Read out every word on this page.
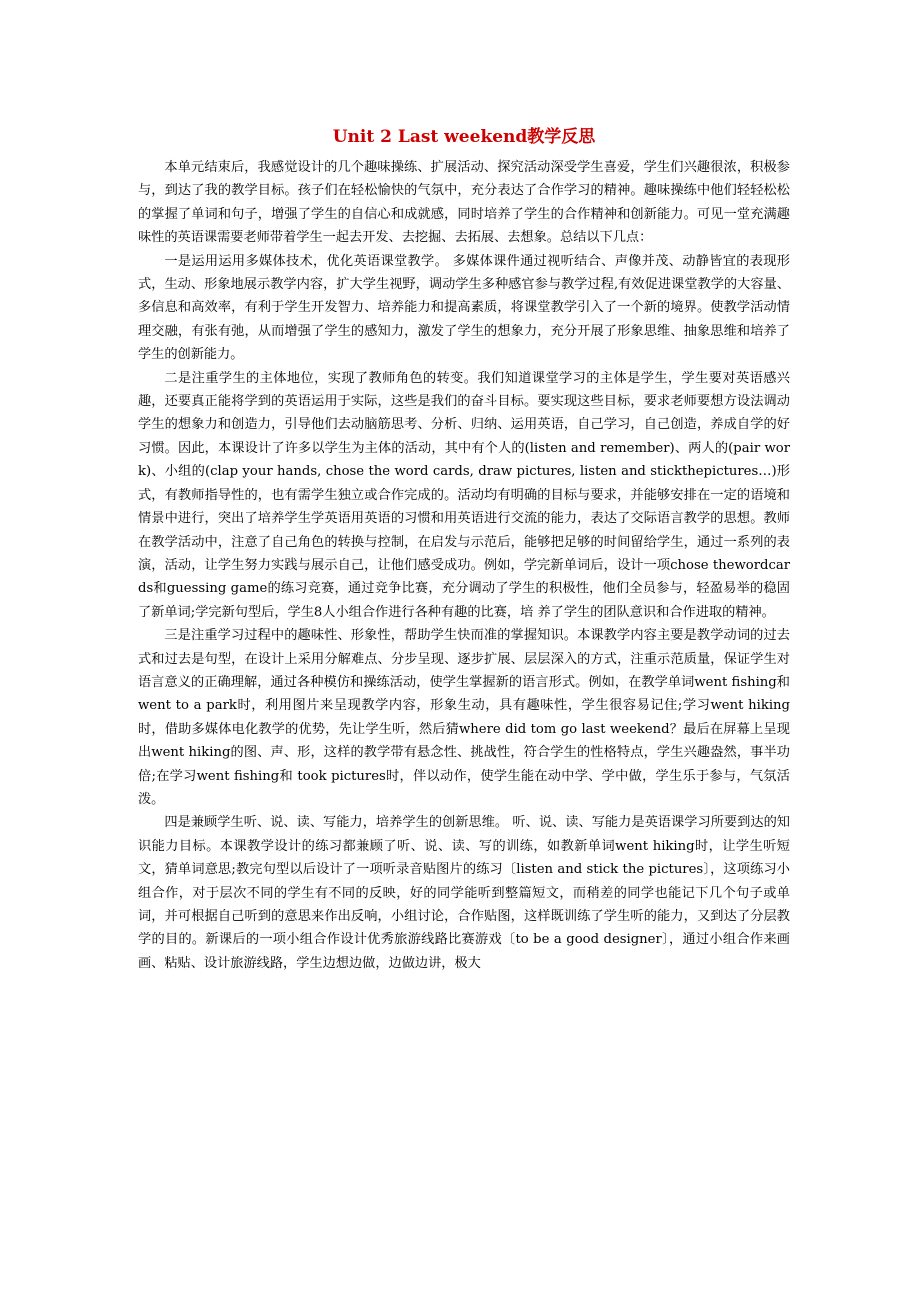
Unit 2 Last weekend教学反思

本单元结束后，我感觉设计的几个趣味操练、扩展活动、探究活动深受学生喜爱，学生们兴趣很浓，积极参与，到达了我的教学目标。孩子们在轻松愉快的气氛中，充分表达了合作学习的精神。趣味操练中他们轻轻松松的掌握了单词和句子，增强了学生的自信心和成就感，同时培养了学生的合作精神和创新能力。可见一堂充满趣味性的英语课需要老师带着学生一起去开发、去挖掘、去拓展、去想象。总结以下几点：

一是运用运用多媒体技术，优化英语课堂教学。 多媒体课件通过视听结合、声像并茂、动静皆宜的表现形式，生动、形象地展示教学内容，扩大学生视野，调动学生多种感官参与教学过程,有效促进课堂教学的大容量、多信息和高效率，有利于学生开发智力、培养能力和提高素质，将课堂教学引入了一个新的境界。使教学活动情理交融，有张有弛，从而增强了学生的感知力，激发了学生的想象力，充分开展了形象思维、抽象思维和培养了学生的创新能力。

二是注重学生的主体地位，实现了教师角色的转变。我们知道课堂学习的主体是学生，学生要对英语感兴趣，还要真正能将学到的英语运用于实际，这些是我们的奋斗目标。要实现这些目标，要求老师要想方设法调动学生的想象力和创造力，引导他们去动脑筋思考、分析、归纳、运用英语，自己学习，自己创造，养成自学的好习惯。因此，本课设计了许多以学生为主体的活动，其中有个人的(listen and remember)、两人的(pair work)、小组的(clap your hands, chose the word cards, draw pictures, listen and stickthepictures…)形式，有教师指导性的，也有需学生独立或合作完成的。活动均有明确的目标与要求，并能够安排在一定的语境和情景中进行，突出了培养学生学英语用英语的习惯和用英语进行交流的能力，表达了交际语言教学的思想。教师在教学活动中，注意了自己角色的转换与控制，在启发与示范后，能够把足够的时间留给学生，通过一系列的表演，活动，让学生努力实践与展示自己，让他们感受成功。例如，学完新单词后，设计一项chose thewordcards和guessing game的练习竞赛，通过竞争比赛，充分调动了学生的积极性，他们全员参与，轻盈易举的稳固了新单词;学完新句型后，学生8人小组合作进行各种有趣的比赛，培 养了学生的团队意识和合作进取的精神。

三是注重学习过程中的趣味性、形象性，帮助学生快而准的掌握知识。本课教学内容主要是教学动词的过去式和过去是句型，在设计上采用分解难点、分步呈现、逐步扩展、层层深入的方式，注重示范质量，保证学生对语言意义的正确理解，通过各种模仿和操练活动，使学生掌握新的语言形式。例如，在教学单词went fishing和went to a park时，利用图片来呈现教学内容，形象生动，具有趣味性，学生很容易记住;学习went hiking时，借助多媒体电化教学的优势，先让学生听，然后猜where did tom go last weekend？最后在屏幕上呈现出went hiking的图、声、形，这样的教学带有悬念性、挑战性，符合学生的性格特点，学生兴趣盎然，事半功倍;在学习went fishing和 took pictures时，伴以动作，使学生能在动中学、学中做，学生乐于参与，气氛活泼。

四是兼顾学生听、说、读、写能力，培养学生的创新思维。 听、说、读、写能力是英语课学习所要到达的知识能力目标。本课教学设计的练习都兼顾了听、说、读、写的训练，如教新单词went hiking时，让学生听短文，猜单词意思;教完句型以后设计了一项听录音贴图片的练习〔listen and stick the pictures〕，这项练习小组合作，对于层次不同的学生有不同的反映，好的同学能听到整篇短文，而稍差的同学也能记下几个句子或单词，并可根据自己听到的意思来作出反响，小组讨论，合作贴图，这样既训练了学生听的能力，又到达了分层教学的目的。新课后的一项小组合作设计优秀旅游线路比赛游戏〔to be a good designer〕，通过小组合作来画画、粘贴、设计旅游线路，学生边想边做，边做边讲，极大
